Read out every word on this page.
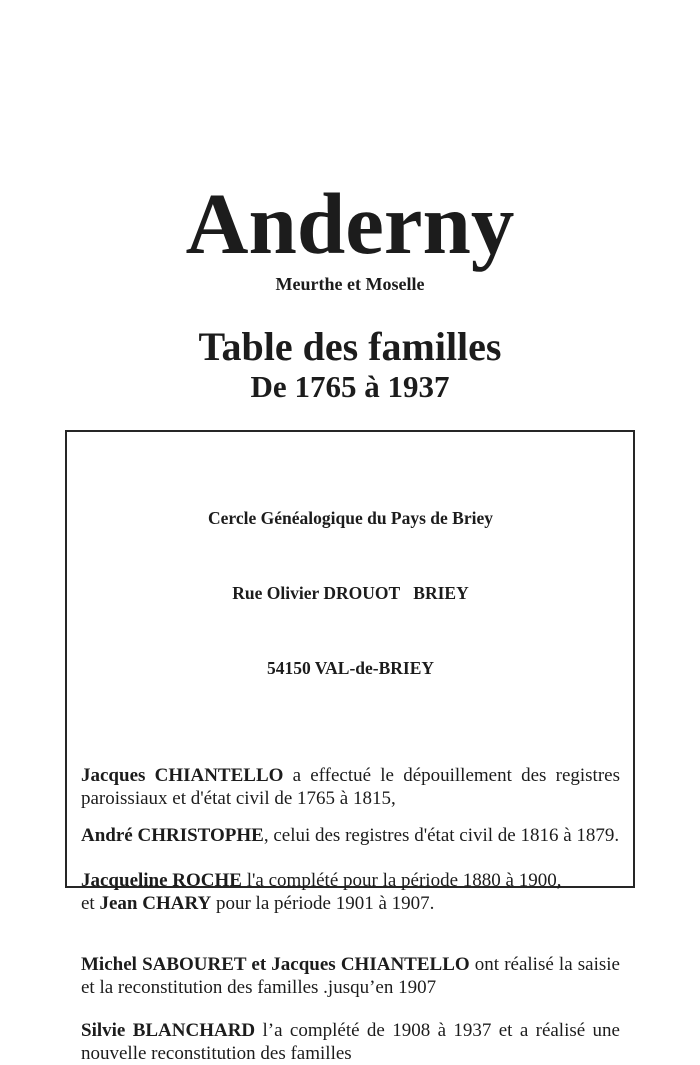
Anderny
Meurthe et Moselle
Table des familles
De 1765 à 1937

Cercle Généalogique du Pays de Briey

Rue Olivier DROUOT   BRIEY

54150 VAL-de-BRIEY

Jacques CHIANTELLO a effectué le dépouillement des registres
paroissiaux et d'état civil de 1765 à 1815,
André CHRISTOPHE, celui des registres d'état civil de 1816 à 1879.
Jacqueline ROCHE l'a complété pour la période 1880 à 1900,
et Jean CHARY pour la période 1901 à 1907.
Michel SABOURET et Jacques CHIANTELLO ont réalisé la saisie
et la reconstitution des familles .jusqu’en 1907
Silvie BLANCHARD l’a complété de 1908 à 1937 et a réalisé une
nouvelle reconstitution des familles
